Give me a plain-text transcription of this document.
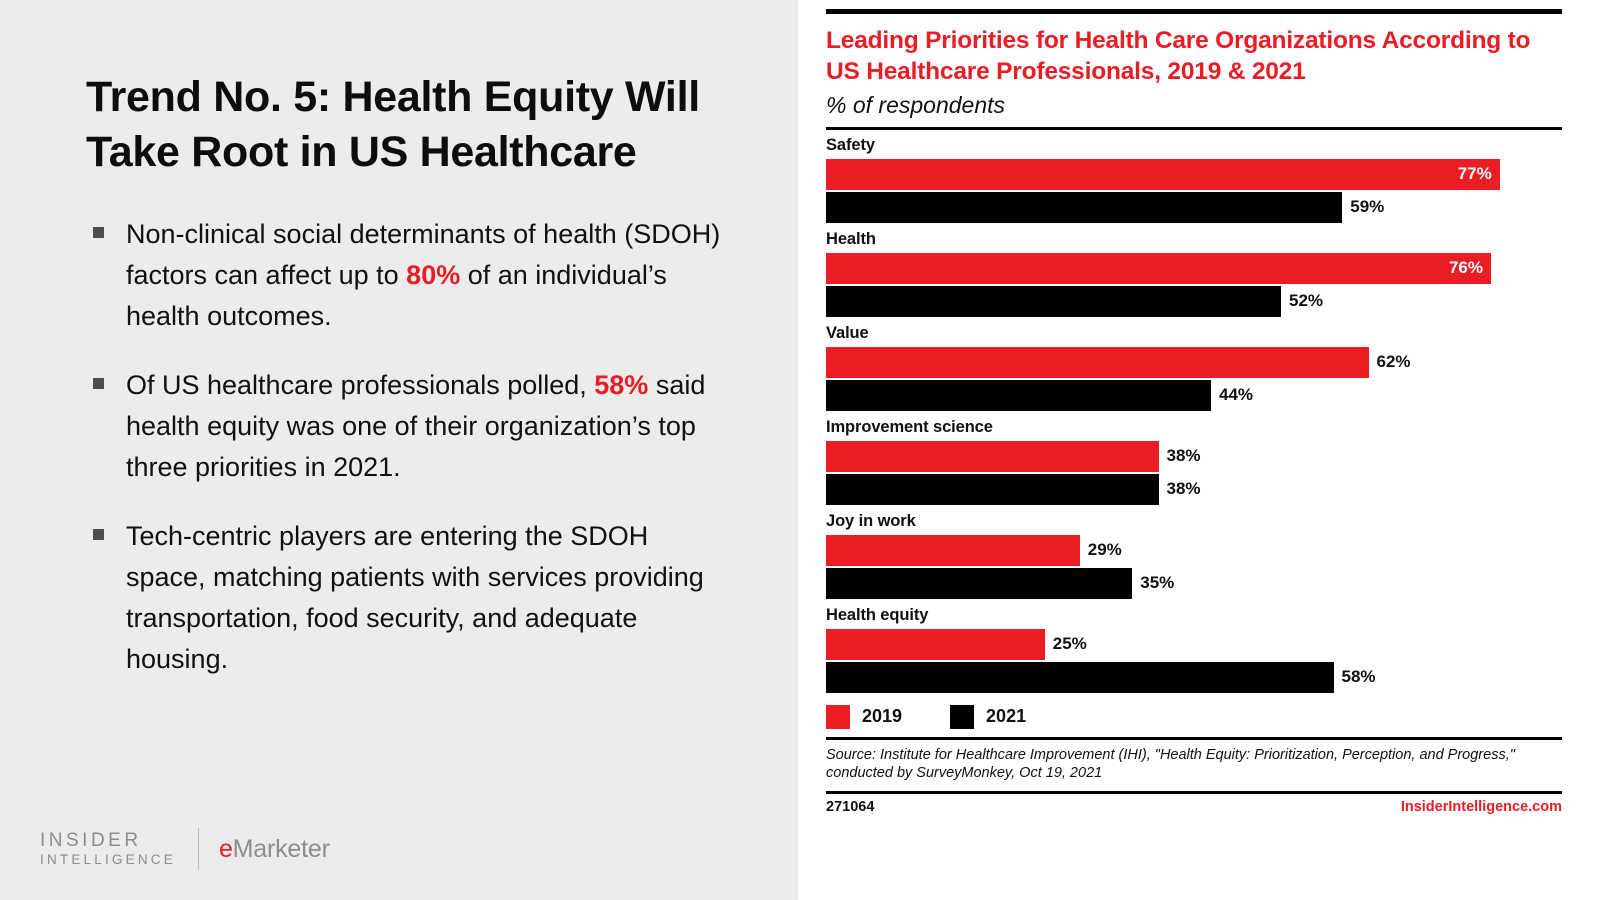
Trend No. 5: Health Equity Will Take Root in US Healthcare
Non-clinical social determinants of health (SDOH) factors can affect up to 80% of an individual’s health outcomes.
Of US healthcare professionals polled, 58% said health equity was one of their organization’s top three priorities in 2021.
Tech-centric players are entering the SDOH space, matching patients with services providing transportation, food security, and adequate housing.
INSIDER
INTELLIGENCE eMarketer
Leading Priorities for Health Care Organizations According to US Healthcare Professionals, 2019 & 2021
% of respondents
Safety
77%
59%
Health
76%
52%
Value
62%
44%
Improvement science
38%
38%
Joy in work
29%
35%
Health equity
25%
58%
2019	2021
Source: Institute for Healthcare Improvement (IHI), "Health Equity: Prioritization, Perception, and Progress," conducted by SurveyMonkey, Oct 19, 2021
271064	InsiderIntelligence.com
